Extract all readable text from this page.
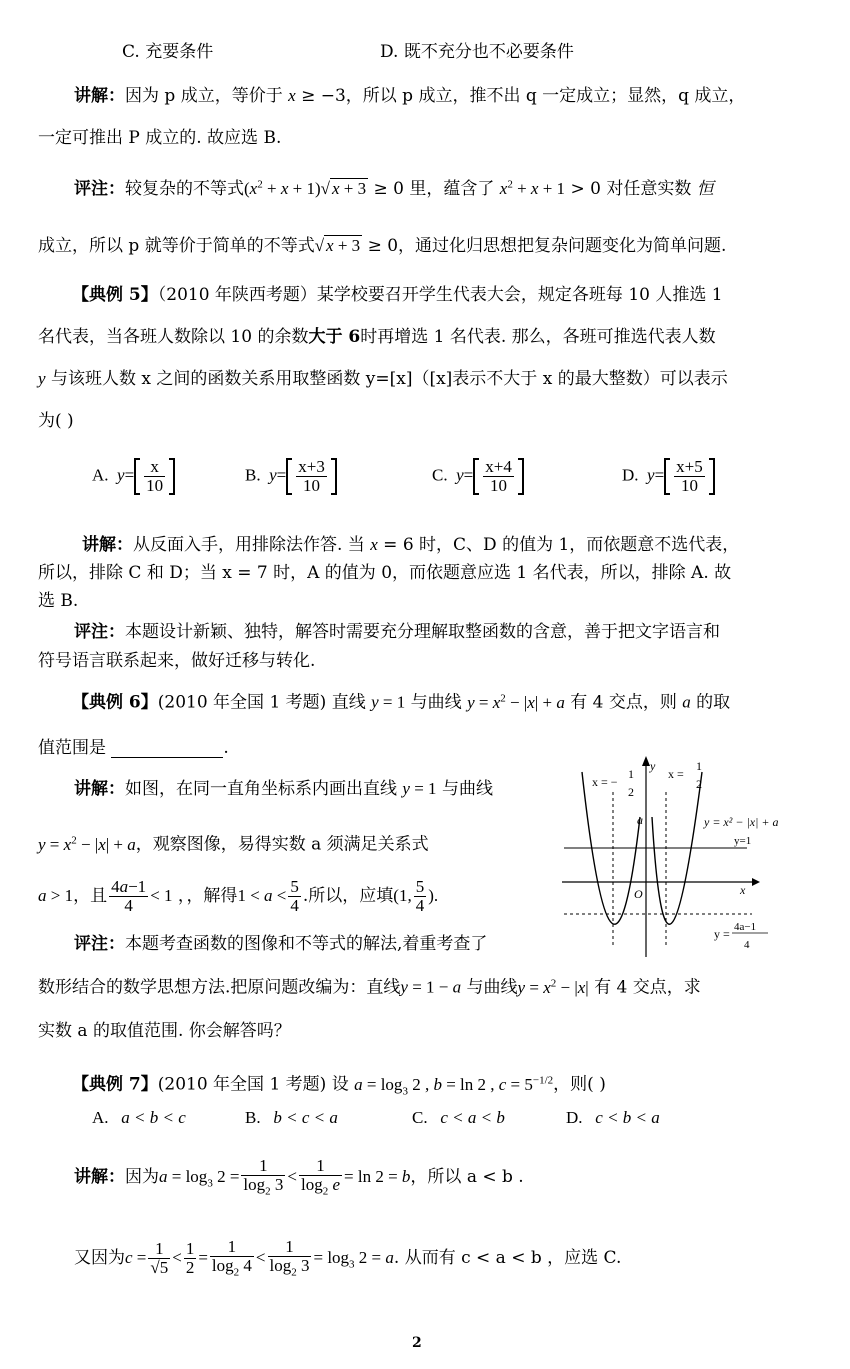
C. 充要条件	D. 既不充分也不必要条件
讲解：因为 p 成立，等价于 x ≥ −3，所以 p 成立，推不出 q 一定成立；显然，q 成立，
一定可推出 P 成立的. 故应选 B.
评注：较复杂的不等式$(x^2 + x + 1)√$ x + 3 ≥ 0 里，蕴含了 $x^2 + x + 1 > 0$ 对任意实数 恒
成立，所以 p 就等价于简单的不等式√ x + 3 ≥ 0，通过化归思想把复杂问题变化为简单问题.
【典例 5】（2010 年陕西考题）某学校要召开学生代表大会，规定各班每 10 人推选 1
名代表，当各班人数除以 10 的余数大于 6时再增选 1 名代表. 那么，各班可推选代表人数
y 与该班人数 x 之间的函数关系用取整函数 y=[x]（[x]表示不大于 x 的最大整数）可以表示
为( )
A. $y= \frac{x}{10}$	B. $y= \frac{x+3}{10}$	C. $y= \frac{x+4}{10}$	D. $y= \frac{x+5}{10}$
讲解：从反面入手，用排除法作答. 当 x = 6 时，C、D 的值为 1，而依题意不选代表，
所以，排除 C 和 D；当 x = 7 时，A 的值为 0，而依题意应选 1 名代表，所以，排除 A. 故
选 B.
评注：本题设计新颖、独特，解答时需要充分理解取整函数的含意，善于把文字语言和
符号语言联系起来，做好迁移与转化.
【典例 6】(2010 年全国 1 考题) 直线 y = 1 与曲线 $y = x^2 - |x| + a$ 有 4 交点，则 a 的取
值范围是	.
讲解：如图，在同一直角坐标系内画出直线 y = 1 与曲线
$y = x^2 - |x| + a$，观察图像，易得实数 a 须满足关系式
a > 1，且 $\frac{4a-1}{4} < 1$ ，，解得$1 < a < \frac{5}{4}$ .所以，应填(1, $\frac{5}{4}$ ).
评注：本题考查函数的图像和不等式的解法,着重考查了
数形结合的数学思想方法.把原问题改编为：直线y = 1 − a 与曲线$y = x^2 - |x|$ 有 4 交点，求
实数 a 的取值范围. 你会解答吗？
x = −
1
2
x =
1
2
y = x² − |x| + a
y=1
y
x
O
a
y = 4a−1
4
【典例 7】(2010 年全国 1 考题) 设 $a = \log_3 2$ , b = ln 2 , $c = 5^{-1/2}$，则( )
A. a < b < c	B. b < c < a	C. c < a < b	D. c < b < a
讲解：因为$a = \log_3 2 = \frac{1}{\log_2 3} < \frac{1}{\log_2 e} = \ln 2 = b$，所以 a < b .
又因为$c = \frac{1}{√5} < \frac{1}{2} = \frac{1}{\log_2 4} < \frac{1}{\log_2 3} = \log_3 2 = a$. 从而有 c < a < b ，应选 C.
2
